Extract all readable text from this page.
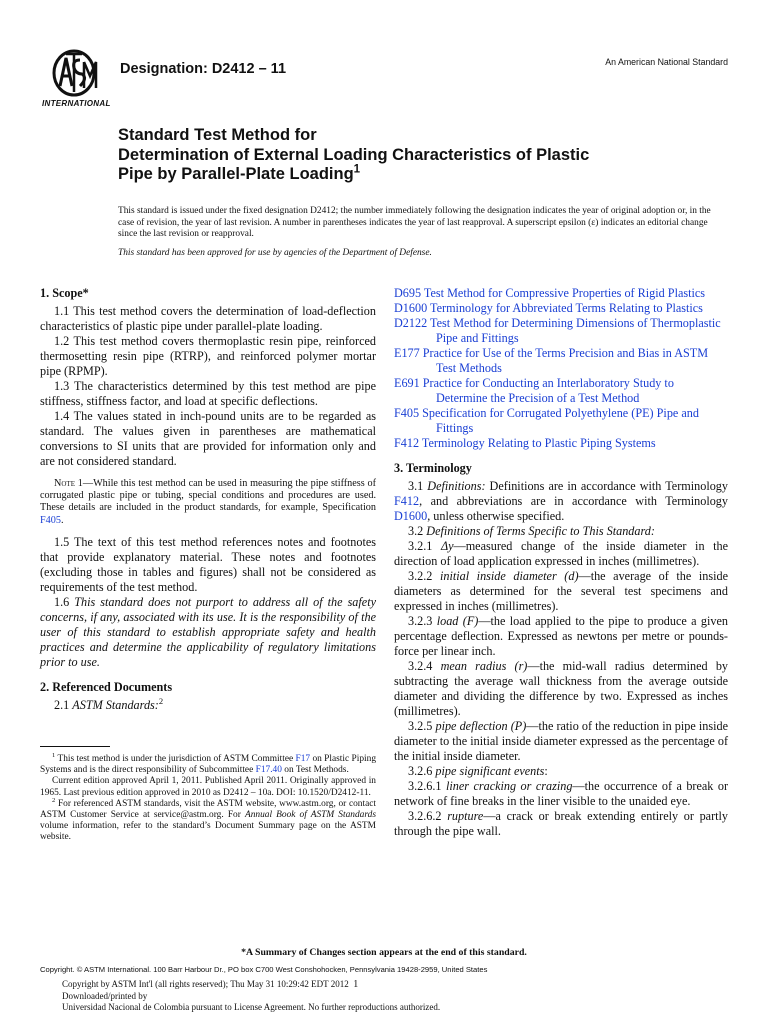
INTERNATIONAL
Designation: D2412 – 11	An American National Standard
Standard Test Method for
Determination of External Loading Characteristics of Plastic
Pipe by Parallel-Plate Loading$^1$

This standard is issued under the fixed designation D2412; the number immediately following the designation indicates the year of original adoption or, in the case of revision, the year of last revision. A number in parentheses indicates the year of last reapproval. A superscript epsilon (ε) indicates an editorial change since the last revision or reapproval.

This standard has been approved for use by agencies of the Department of Defense.

1. Scope*

1.1 This test method covers the determination of load-deflection characteristics of plastic pipe under parallel-plate loading.

1.2 This test method covers thermoplastic resin pipe, reinforced thermosetting resin pipe (RTRP), and reinforced polymer mortar pipe (RPMP).

1.3 The characteristics determined by this test method are pipe stiffness, stiffness factor, and load at specific deflections.

1.4 The values stated in inch-pound units are to be regarded as standard. The values given in parentheses are mathematical conversions to SI units that are provided for information only and are not considered standard.

Note 1—While this test method can be used in measuring the pipe stiffness of corrugated plastic pipe or tubing, special conditions and procedures are used. These details are included in the product standards, for example, Specification F405.

1.5 The text of this test method references notes and footnotes that provide explanatory material. These notes and footnotes (excluding those in tables and figures) shall not be considered as requirements of the test method.

1.6 This standard does not purport to address all of the safety concerns, if any, associated with its use. It is the responsibility of the user of this standard to establish appropriate safety and health practices and determine the applicability of regulatory limitations prior to use.

2. Referenced Documents

2.1 ASTM Standards:$^2$

$^1$ This test method is under the jurisdiction of ASTM Committee F17 on Plastic Piping Systems and is the direct responsibility of Subcommittee F17.40 on Test Methods.

Current edition approved April 1, 2011. Published April 2011. Originally approved in 1965. Last previous edition approved in 2010 as D2412 – 10a. DOI: 10.1520/D2412-11.

$^2$ For referenced ASTM standards, visit the ASTM website, www.astm.org, or contact ASTM Customer Service at service@astm.org. For Annual Book of ASTM Standards volume information, refer to the standard’s Document Summary page on the ASTM website.

D695 Test Method for Compressive Properties of Rigid Plastics

D1600 Terminology for Abbreviated Terms Relating to Plastics

D2122 Test Method for Determining Dimensions of Thermoplastic Pipe and Fittings

E177 Practice for Use of the Terms Precision and Bias in ASTM Test Methods

E691 Practice for Conducting an Interlaboratory Study to Determine the Precision of a Test Method

F405 Specification for Corrugated Polyethylene (PE) Pipe and Fittings

F412 Terminology Relating to Plastic Piping Systems

3. Terminology

3.1 Definitions: Definitions are in accordance with Terminology F412, and abbreviations are in accordance with Terminology D1600, unless otherwise specified.

3.2 Definitions of Terms Specific to This Standard:

3.2.1 Δy—measured change of the inside diameter in the direction of load application expressed in inches (millimetres).

3.2.2 initial inside diameter (d)—the average of the inside diameters as determined for the several test specimens and expressed in inches (millimetres).

3.2.3 load (F)—the load applied to the pipe to produce a given percentage deflection. Expressed as newtons per metre or pounds-force per linear inch.

3.2.4 mean radius (r)—the mid-wall radius determined by subtracting the average wall thickness from the average outside diameter and dividing the difference by two. Expressed as inches (millimetres).

3.2.5 pipe deflection (P)—the ratio of the reduction in pipe inside diameter to the initial inside diameter expressed as the percentage of the initial inside diameter.

3.2.6 pipe significant events:

3.2.6.1 liner cracking or crazing—the occurrence of a break or network of fine breaks in the liner visible to the unaided eye.

3.2.6.2 rupture—a crack or break extending entirely or partly through the pipe wall.

*A Summary of Changes section appears at the end of this standard.
Copyright. © ASTM International. 100 Barr Harbour Dr., PO box C700 West Conshohocken, Pennsylvania 19428-2959, United States
Copyright by ASTM Int'l (all rights reserved); Thu May 31 10:29:42 EDT 2012 1
Downloaded/printed by
Universidad Nacional de Colombia pursuant to License Agreement. No further reproductions authorized.
